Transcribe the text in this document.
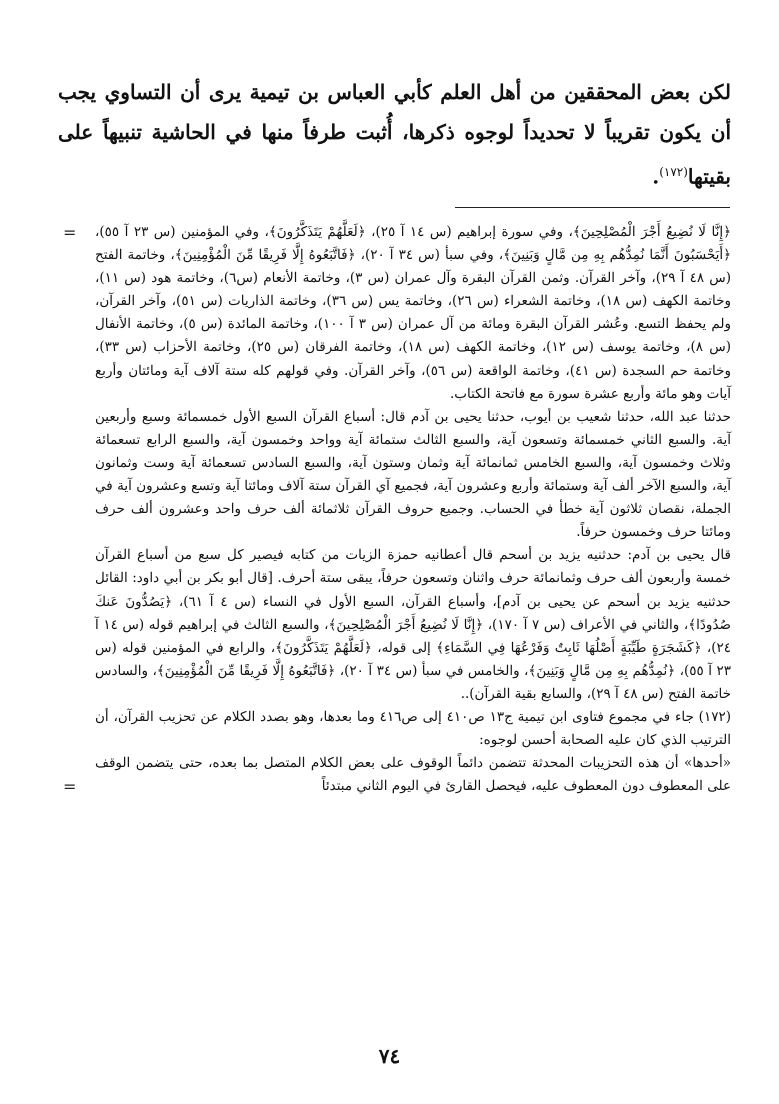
لكن بعض المحققين من أهل العلم كأبي العباس بن تيمية يرى أن التساوي يجب أن يكون تقريباً لا تحديداً لوجوه ذكرها، أُثبت طرفاً منها في الحاشية تنبيهاً على بقيتها$^{(١٧٢)}$.
= ﴿إِنَّا لَا نُضِيعُ أَجْرَ الْمُصْلِحِينَ﴾، وفي سورة إبراهيم (س ١٤ آ ٢٥)، ﴿لَعَلَّهُمْ يَتَذَكَّرُونَ﴾، وفي المؤمنين (س ٢٣ آ ٥٥)، ﴿أَيَحْسَبُونَ أَنَّمَا نُمِدُّهُم بِهِ مِن مَّالٍ وَبَنِينَ﴾، وفي سبأ (س ٣٤ آ ٢٠)، ﴿فَاتَّبَعُوهُ إِلَّا فَرِيقًا مِّنَ الْمُؤْمِنِينَ﴾، وخاتمة الفتح (س ٤٨ آ ٢٩)، وآخر القرآن. وثمن القرآن البقرة وآل عمران (س ٣)، وخاتمة الأنعام (س٦)، وخاتمة هود (س ١١)، وخاتمة الكهف (س ١٨)، وخاتمة الشعراء (س ٢٦)، وخاتمة يس (س ٣٦)، وخاتمة الذاريات (س ٥١)، وآخر القرآن، ولم يحفظ التسع. وعُشر القرآن البقرة ومائة من آل عمران (س ٣ آ ١٠٠)، وخاتمة المائدة (س ٥)، وخاتمة الأنفال (س ٨)، وخاتمة يوسف (س ١٢)، وخاتمة الكهف (س ١٨)، وخاتمة الفرقان (س ٢٥)، وخاتمة الأحزاب (س ٣٣)، وخاتمة حم السجدة (س ٤١)، وخاتمة الواقعة (س ٥٦)، وآخر القرآن. وفي قولهم كله ستة آلاف آية ومائتان وأربع آيات وهو مائة وأربع عشرة سورة مع فاتحة الكتاب.

حدثنا عبد الله، حدثنا شعيب بن أيوب، حدثنا يحيى بن آدم قال: أسباع القرآن السبع الأول خمسمائة وسبع وأربعين آية. والسبع الثاني خمسمائة وتسعون آية، والسبع الثالث ستمائة آية وواحد وخمسون آية، والسبع الرابع تسعمائة وثلاث وخمسون آية، والسبع الخامس ثمانمائة آية وثمان وستون آية، والسبع السادس تسعمائة آية وست وثمانون آية، والسبع الآخر ألف آية وستمائة وأربع وعشرون آية، فجميع آي القرآن ستة آلاف ومائتا آية وتسع وعشرون آية في الجملة، نقصان ثلاثون آية خطأ في الحساب. وجميع حروف القرآن ثلاثمائة ألف حرف واحد وعشرون ألف حرف ومائتا حرف وخمسون حرفاً.

قال يحيى بن آدم: حدثنيه يزيد بن أسحم قال أعطانيه حمزة الزيات من كتابه فيصير كل سبع من أسباع القرآن خمسة وأربعون ألف حرف وثمانمائة حرف واثنان وتسعون حرفاً، يبقى ستة أحرف. [قال أبو بكر بن أبي داود: القائل حدثنيه يزيد بن أسحم عن يحيى بن آدم]، وأسباع القرآن، السبع الأول في النساء (س ٤ آ ٦١)، ﴿يَصُدُّونَ عَنكَ صُدُودًا﴾، والثاني في الأعراف (س ٧ آ ١٧٠)، ﴿إِنَّا لَا نُضِيعُ أَجْرَ الْمُصْلِحِينَ﴾، والسبع الثالث في إبراهيم قوله (س ١٤ آ ٢٤)، ﴿كَشَجَرَةٍ طَيِّبَةٍ أَصْلُهَا ثَابِتٌ وَفَرْعُهَا فِي السَّمَاءِ﴾ إلى قوله، ﴿لَعَلَّهُمْ يَتَذَكَّرُونَ﴾، والرابع في المؤمنين قوله (س ٢٣ آ ٥٥)، ﴿نُمِدُّهُم بِهِ مِن مَّالٍ وَبَنِينَ﴾، والخامس في سبأ (س ٣٤ آ ٢٠)، ﴿فَاتَّبَعُوهُ إِلَّا فَرِيقًا مِّنَ الْمُؤْمِنِينَ﴾، والسادس خاتمة الفتح (س ٤٨ آ ٢٩)، والسابع بقية القرآن)..

(١٧٢) جاء في مجموع فتاوى ابن تيمية ج١٣ ص٤١٠ إلى ص٤١٦ وما بعدها، وهو بصدد الكلام عن تحزيب القرآن، أن الترتيب الذي كان عليه الصحابة أحسن لوجوه:

«أحدها» أن هذه التحزيبات المحدثة تتضمن دائماً الوقوف على بعض الكلام المتصل بما بعده، حتى يتضمن الوقف على المعطوف دون المعطوف عليه، فيحصل القارئ في اليوم الثاني مبتدئاً

=
٧٤
